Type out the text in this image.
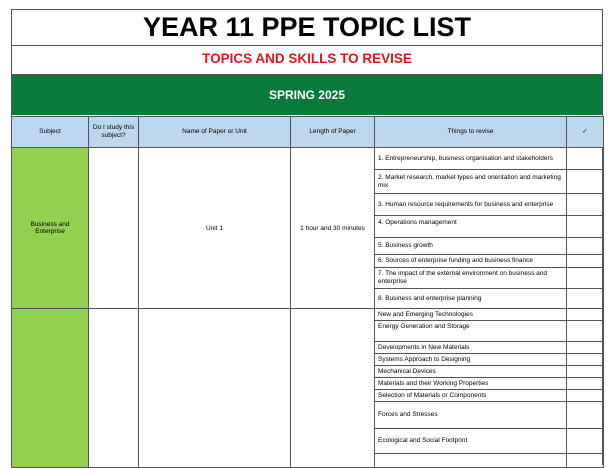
YEAR 11 PPE TOPIC LIST
TOPICS AND SKILLS TO REVISE
SPRING 2025
Subject	Do I study this subject?	Name of Paper or Unit	Length of Paper	Things to revise	✓
Business and Enterprise		Unit 1	1 hour and 30 minutes	1. Entrepreneurship, business organisation and stakeholders	
				2. Market research, market types and orientation and marketing mix	
				3. Human resource requirements for business and enterprise	
				4. Operations management	
				5. Business growth	
				6. Sources of enterprise funding and business finance	
				7. The impact of the external environment on business and enterprise	
				8. Business and enterprise planning	
				New and Emerging Technologies	
				Energy Generation and Storage	
				Developments in New Materials	
				Systems Approach to Designing	
				Mechanical Devices	
				Materials and their Working Properties	
				Selection of Materials or Components	
				Forces and Stresses	
				Ecological and Social Footprint	
